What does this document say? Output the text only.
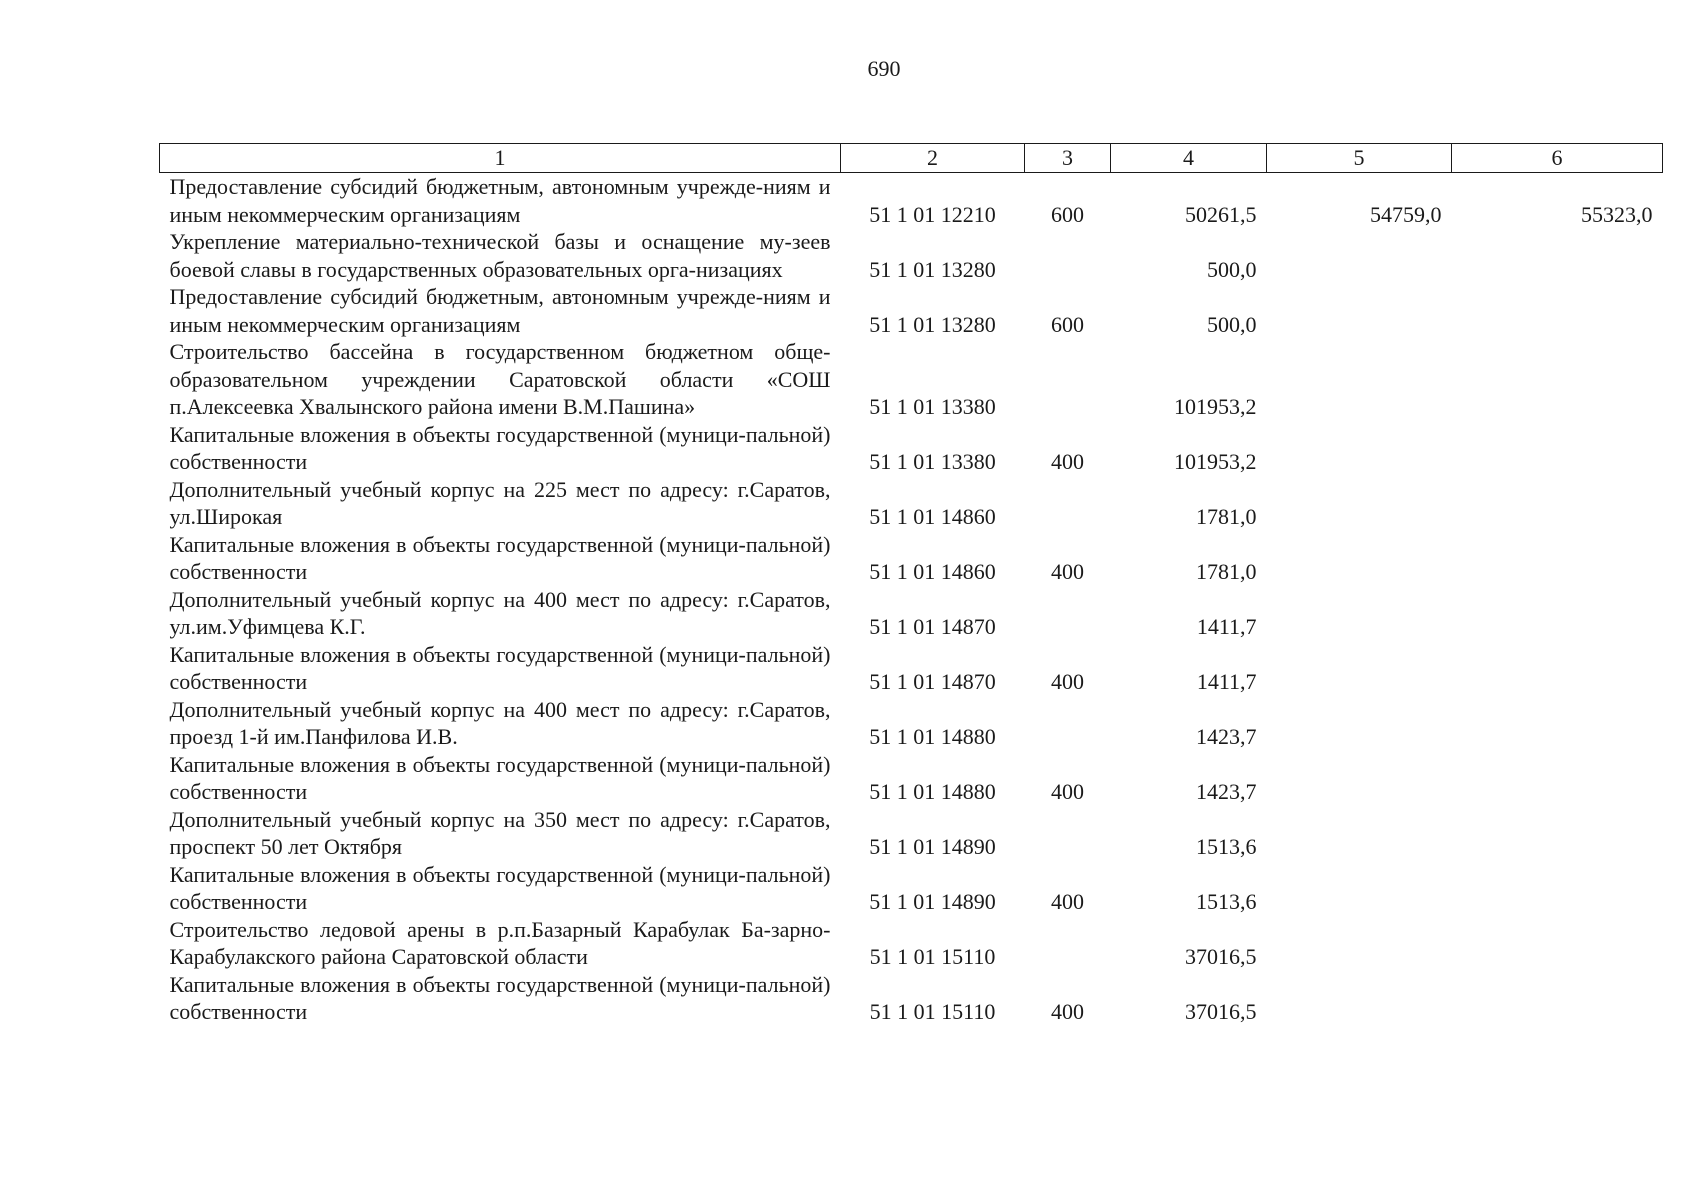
690
1	2	3	4	5	6
Предоставление субсидий бюджетным, автономным учрежде-ниям и иным некоммерческим организациям	51 1 01 12210	600	50261,5	54759,0	55323,0
Укрепление материально-технической базы и оснащение му-зеев боевой славы в государственных образовательных орга-низациях	51 1 01 13280		500,0		
Предоставление субсидий бюджетным, автономным учрежде-ниям и иным некоммерческим организациям	51 1 01 13280	600	500,0		
Строительство бассейна в государственном бюджетном обще-образовательном учреждении Саратовской области «СОШ п.Алексеевка Хвалынского района имени В.М.Пашина»	51 1 01 13380		101953,2		
Капитальные вложения в объекты государственной (муници-пальной) собственности	51 1 01 13380	400	101953,2		
Дополнительный учебный корпус на 225 мест по адресу: г.Саратов, ул.Широкая	51 1 01 14860		1781,0		
Капитальные вложения в объекты государственной (муници-пальной) собственности	51 1 01 14860	400	1781,0		
Дополнительный учебный корпус на 400 мест по адресу: г.Саратов, ул.им.Уфимцева К.Г.	51 1 01 14870		1411,7		
Капитальные вложения в объекты государственной (муници-пальной) собственности	51 1 01 14870	400	1411,7		
Дополнительный учебный корпус на 400 мест по адресу: г.Саратов, проезд 1-й им.Панфилова И.В.	51 1 01 14880		1423,7		
Капитальные вложения в объекты государственной (муници-пальной) собственности	51 1 01 14880	400	1423,7		
Дополнительный учебный корпус на 350 мест по адресу: г.Саратов, проспект 50 лет Октября	51 1 01 14890		1513,6		
Капитальные вложения в объекты государственной (муници-пальной) собственности	51 1 01 14890	400	1513,6		
Строительство ледовой арены в р.п.Базарный Карабулак Ба-зарно-Карабулакского района Саратовской области	51 1 01 15110		37016,5		
Капитальные вложения в объекты государственной (муници-пальной) собственности	51 1 01 15110	400	37016,5		
